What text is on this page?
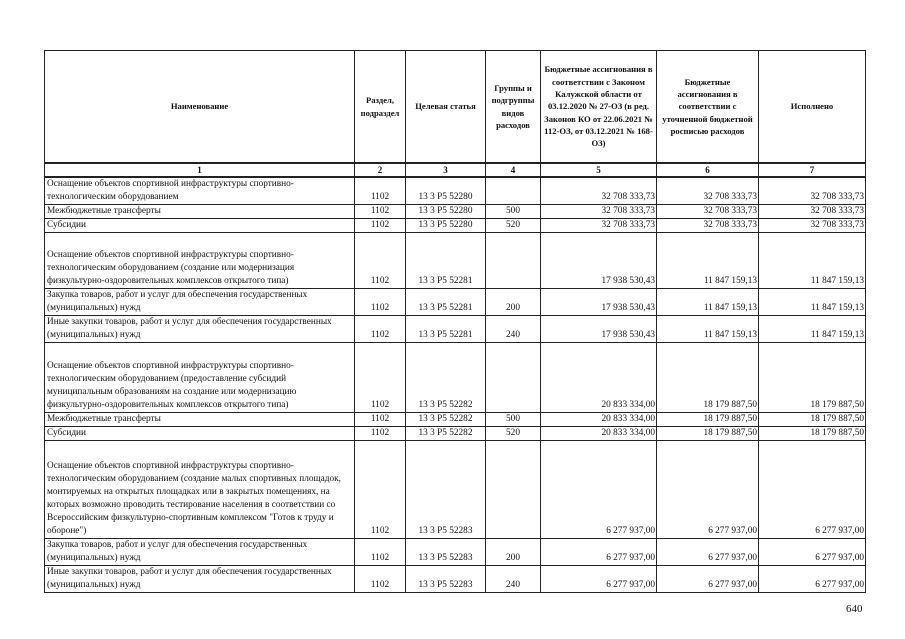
Наименование	Раздел, подраздел	Целевая статья	Группы и подгруппы видов расходов	Бюджетные ассигнования в соответствии с Законом Калужской области от 03.12.2020 № 27-ОЗ (в ред. Законов КО от 22.06.2021 № 112-ОЗ, от 03.12.2021 № 168-ОЗ)	Бюджетные ассигнования в соответствии с уточненной бюджетной росписью расходов	Исполнено
1	2	3	4	5	6	7
Оснащение объектов спортивной инфраструктуры спортивно-технологическим оборудованием	1102	13 3 P5 52280		32 708 333,73	32 708 333,73	32 708 333,73
Межбюджетные трансферты	1102	13 3 P5 52280	500	32 708 333,73	32 708 333,73	32 708 333,73
Субсидии	1102	13 3 P5 52280	520	32 708 333,73	32 708 333,73	32 708 333,73
Оснащение объектов спортивной инфраструктуры спортивно-технологическим оборудованием (создание или модернизация физкультурно-оздоровительных комплексов открытого типа)	1102	13 3 P5 52281		17 938 530,43	11 847 159,13	11 847 159,13
Закупка товаров, работ и услуг для обеспечения государственных (муниципальных) нужд	1102	13 3 P5 52281	200	17 938 530,43	11 847 159,13	11 847 159,13
Иные закупки товаров, работ и услуг для обеспечения государственных (муниципальных) нужд	1102	13 3 P5 52281	240	17 938 530,43	11 847 159,13	11 847 159,13
Оснащение объектов спортивной инфраструктуры спортивно-технологическим оборудованием (предоставление субсидий муниципальным образованиям на создание или модернизацию физкультурно-оздоровительных комплексов открытого типа)	1102	13 3 P5 52282		20 833 334,00	18 179 887,50	18 179 887,50
Межбюджетные трансферты	1102	13 3 P5 52282	500	20 833 334,00	18 179 887,50	18 179 887,50
Субсидии	1102	13 3 P5 52282	520	20 833 334,00	18 179 887,50	18 179 887,50
Оснащение объектов спортивной инфраструктуры спортивно-технологическим оборудованием (создание малых спортивных площадок, монтируемых на открытых площадках или в закрытых помещениях, на которых возможно проводить тестирование населения в соответствии со Всероссийским физкультурно-спортивным комплексом "Готов к труду и обороне")	1102	13 3 P5 52283		6 277 937,00	6 277 937,00	6 277 937,00
Закупка товаров, работ и услуг для обеспечения государственных (муниципальных) нужд	1102	13 3 P5 52283	200	6 277 937,00	6 277 937,00	6 277 937,00
Иные закупки товаров, работ и услуг для обеспечения государственных (муниципальных) нужд	1102	13 3 P5 52283	240	6 277 937,00	6 277 937,00	6 277 937,00
640
